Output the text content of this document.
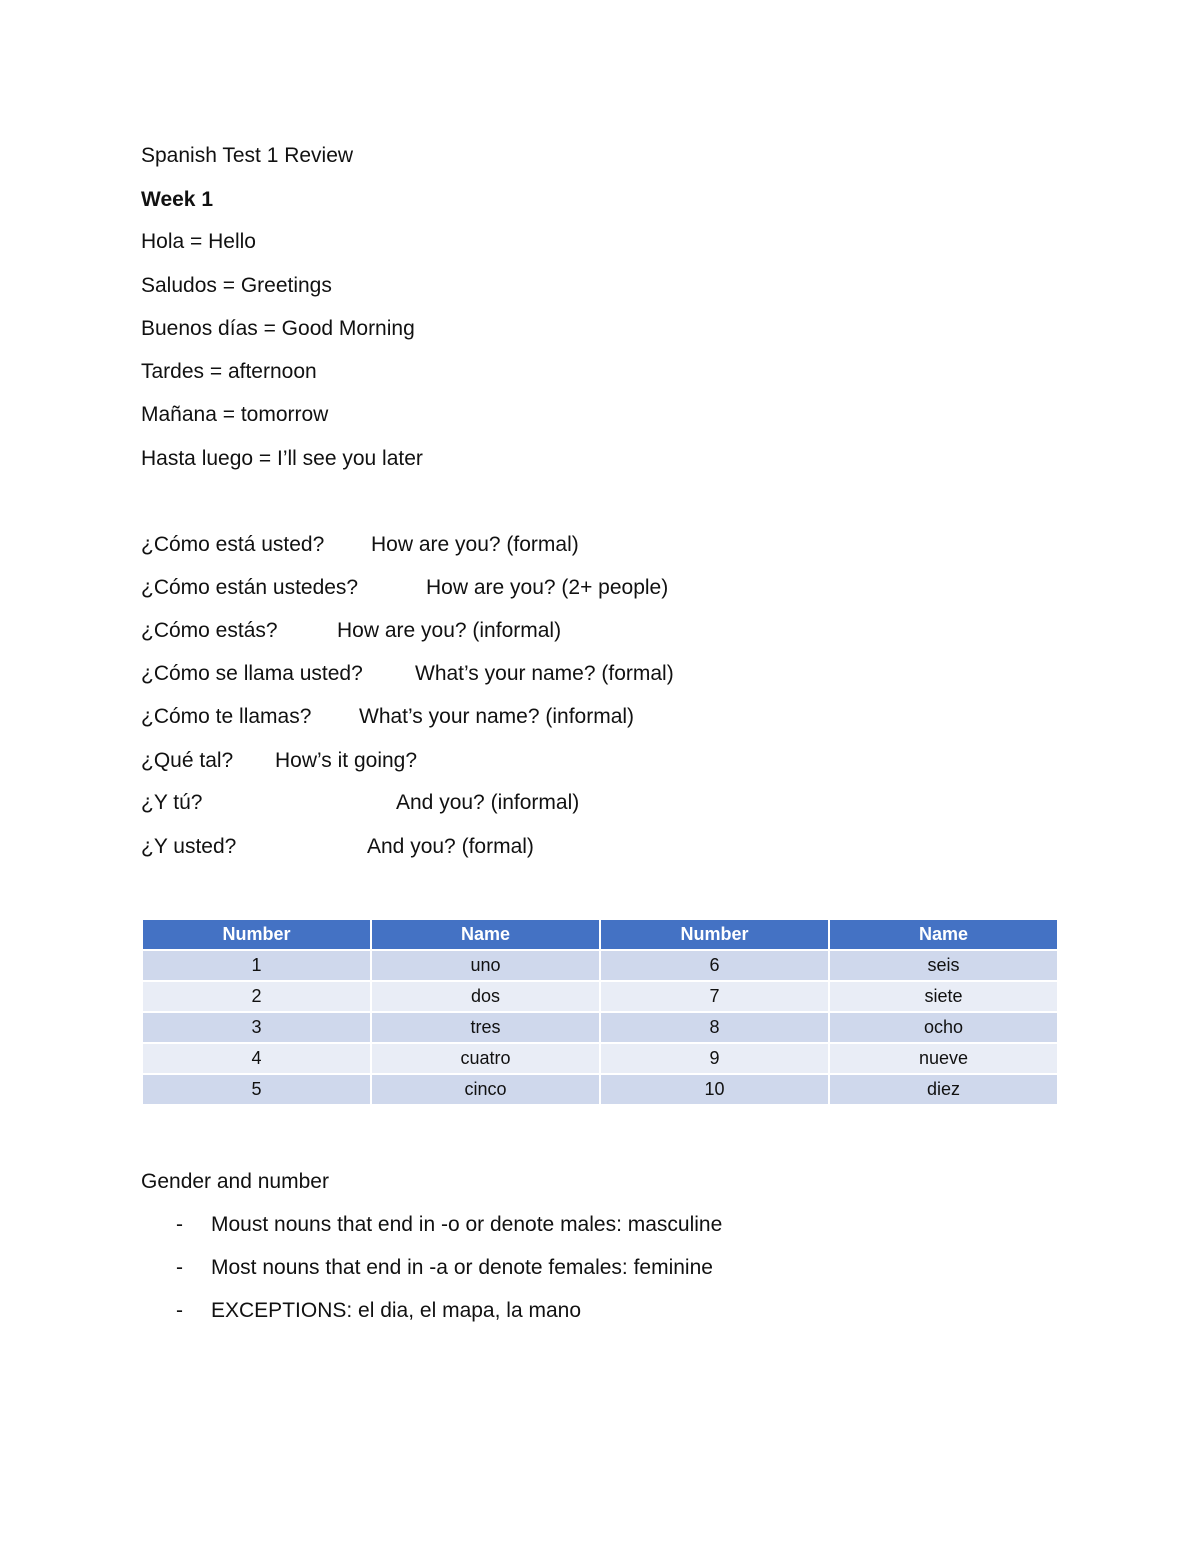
Spanish Test 1 Review
Week 1
Hola = Hello
Saludos = Greetings
Buenos días = Good Morning
Tardes = afternoon
Mañana = tomorrow
Hasta luego = I’ll see you later
¿Cómo está usted? How are you? (formal)
¿Cómo están ustedes?	How are you? (2+ people)
¿Cómo estás?	How are you? (informal)
¿Cómo se llama usted? What’s your name? (formal)
¿Cómo te llamas? What’s your name? (informal)
¿Qué tal? How’s it going?
¿Y tú?	And you? (informal)
¿Y usted?	And you? (formal)
Number	Name	Number	Name
1	uno	6	seis
2	dos	7	siete
3	tres	8	ocho
4	cuatro	9	nueve
5	cinco	10	diez
Gender and number
- Moust nouns that end in -o or denote males: masculine
- Most nouns that end in -a or denote females: feminine
- EXCEPTIONS: el dia, el mapa, la mano
